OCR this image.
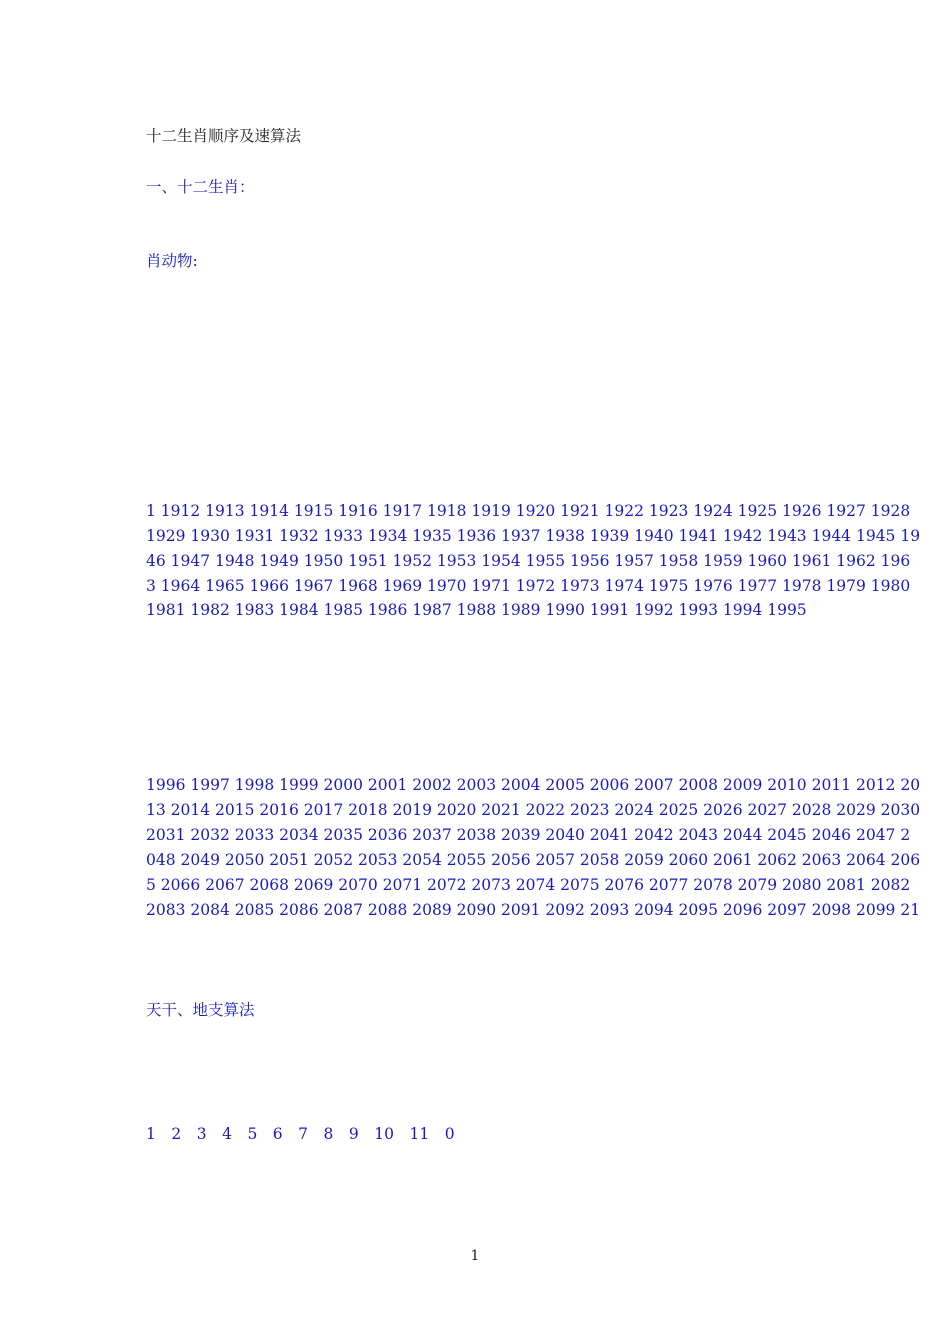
十二生肖顺序及速算法
一、十二生肖：
肖动物:
1 1912 1913 1914 1915 1916 1917 1918 1919 1920 1921 1922 1923 1924 1925 1926 1927 1928
1929 1930 1931 1932 1933 1934 1935 1936 1937 1938 1939 1940 1941 1942 1943 1944 1945 19
46 1947 1948 1949 1950 1951 1952 1953 1954 1955 1956 1957 1958 1959 1960 1961 1962 196
3 1964 1965 1966 1967 1968 1969 1970 1971 1972 1973 1974 1975 1976 1977 1978 1979 1980
1981 1982 1983 1984 1985 1986 1987 1988 1989 1990 1991 1992 1993 1994 1995
1996 1997 1998 1999 2000 2001 2002 2003 2004 2005 2006 2007 2008 2009 2010 2011 2012 20
13 2014 2015 2016 2017 2018 2019 2020 2021 2022 2023 2024 2025 2026 2027 2028 2029 2030
2031 2032 2033 2034 2035 2036 2037 2038 2039 2040 2041 2042 2043 2044 2045 2046 2047 2
048 2049 2050 2051 2052 2053 2054 2055 2056 2057 2058 2059 2060 2061 2062 2063 2064 206
5 2066 2067 2068 2069 2070 2071 2072 2073 2074 2075 2076 2077 2078 2079 2080 2081 2082
2083 2084 2085 2086 2087 2088 2089 2090 2091 2092 2093 2094 2095 2096 2097 2098 2099 21
天干、地支算法
1　2　3　4　5　6　7　8　9　10　11　0
1
